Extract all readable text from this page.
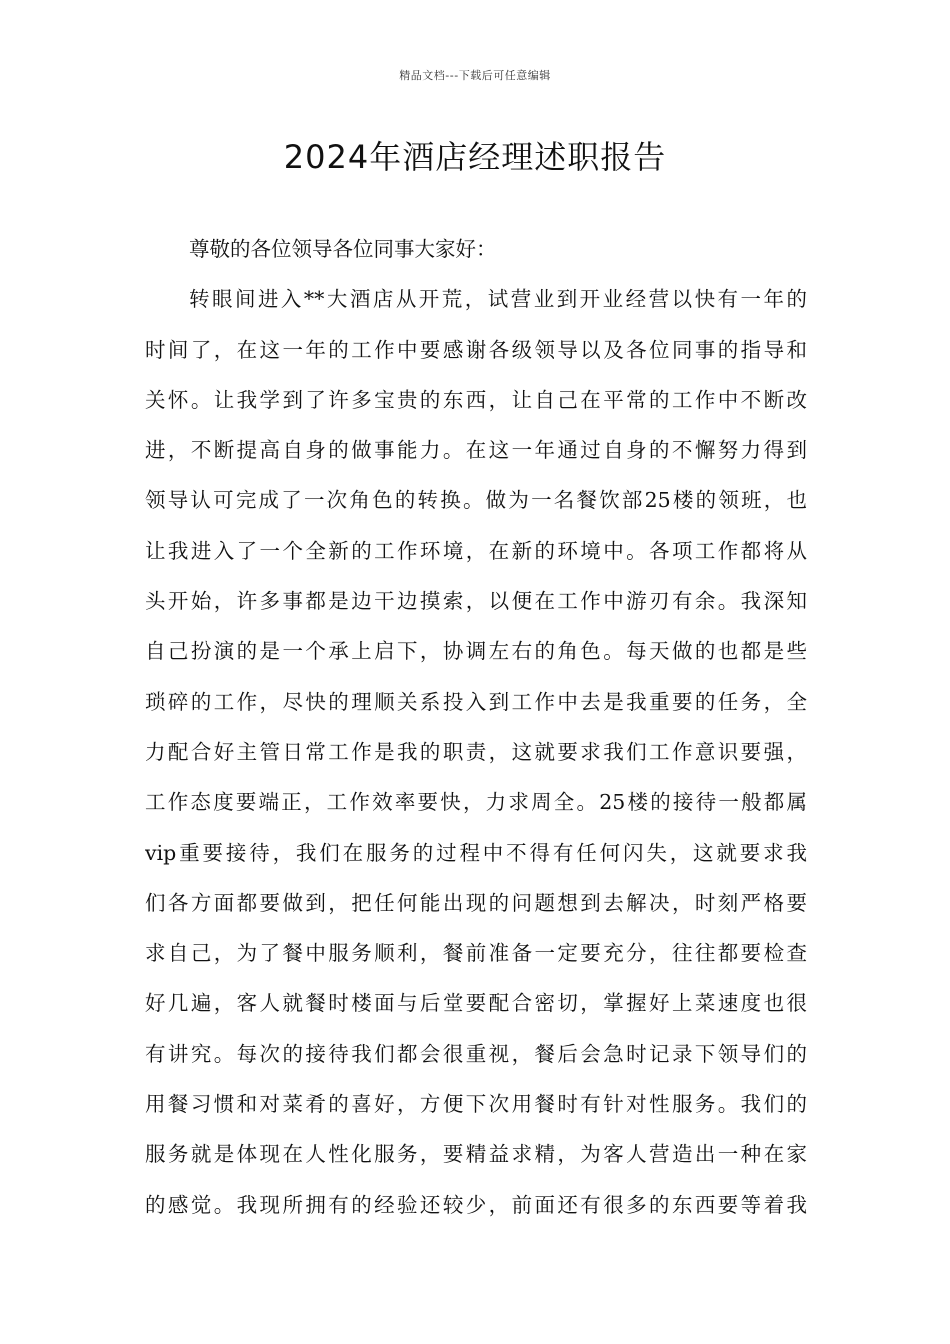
精品文档---下载后可任意编辑
2024年酒店经理述职报告
尊敬的各位领导各位同事大家好：
转眼间进入**大酒店从开荒，试营业到开业经营以快有一年的
时间了，在这一年的工作中要感谢各级领导以及各位同事的指导和
关怀。让我学到了许多宝贵的东西，让自己在平常的工作中不断改
进，不断提高自身的做事能力。在这一年通过自身的不懈努力得到
领导认可完成了一次角色的转换。做为一名餐饮部25楼的领班，也
让我进入了一个全新的工作环境，在新的环境中。各项工作都将从
头开始，许多事都是边干边摸索，以便在工作中游刃有余。我深知
自己扮演的是一个承上启下，协调左右的角色。每天做的也都是些
琐碎的工作，尽快的理顺关系投入到工作中去是我重要的任务，全
力配合好主管日常工作是我的职责，这就要求我们工作意识要强，
工作态度要端正，工作效率要快，力求周全。25楼的接待一般都属
vip重要接待，我们在服务的过程中不得有任何闪失，这就要求我
们各方面都要做到，把任何能出现的问题想到去解决，时刻严格要
求自己，为了餐中服务顺利，餐前准备一定要充分，往往都要检查
好几遍，客人就餐时楼面与后堂要配合密切，掌握好上菜速度也很
有讲究。每次的接待我们都会很重视，餐后会急时记录下领导们的
用餐习惯和对菜肴的喜好，方便下次用餐时有针对性服务。我们的
服务就是体现在人性化服务，要精益求精，为客人营造出一种在家
的感觉。我现所拥有的经验还较少，前面还有很多的东西要等着我
